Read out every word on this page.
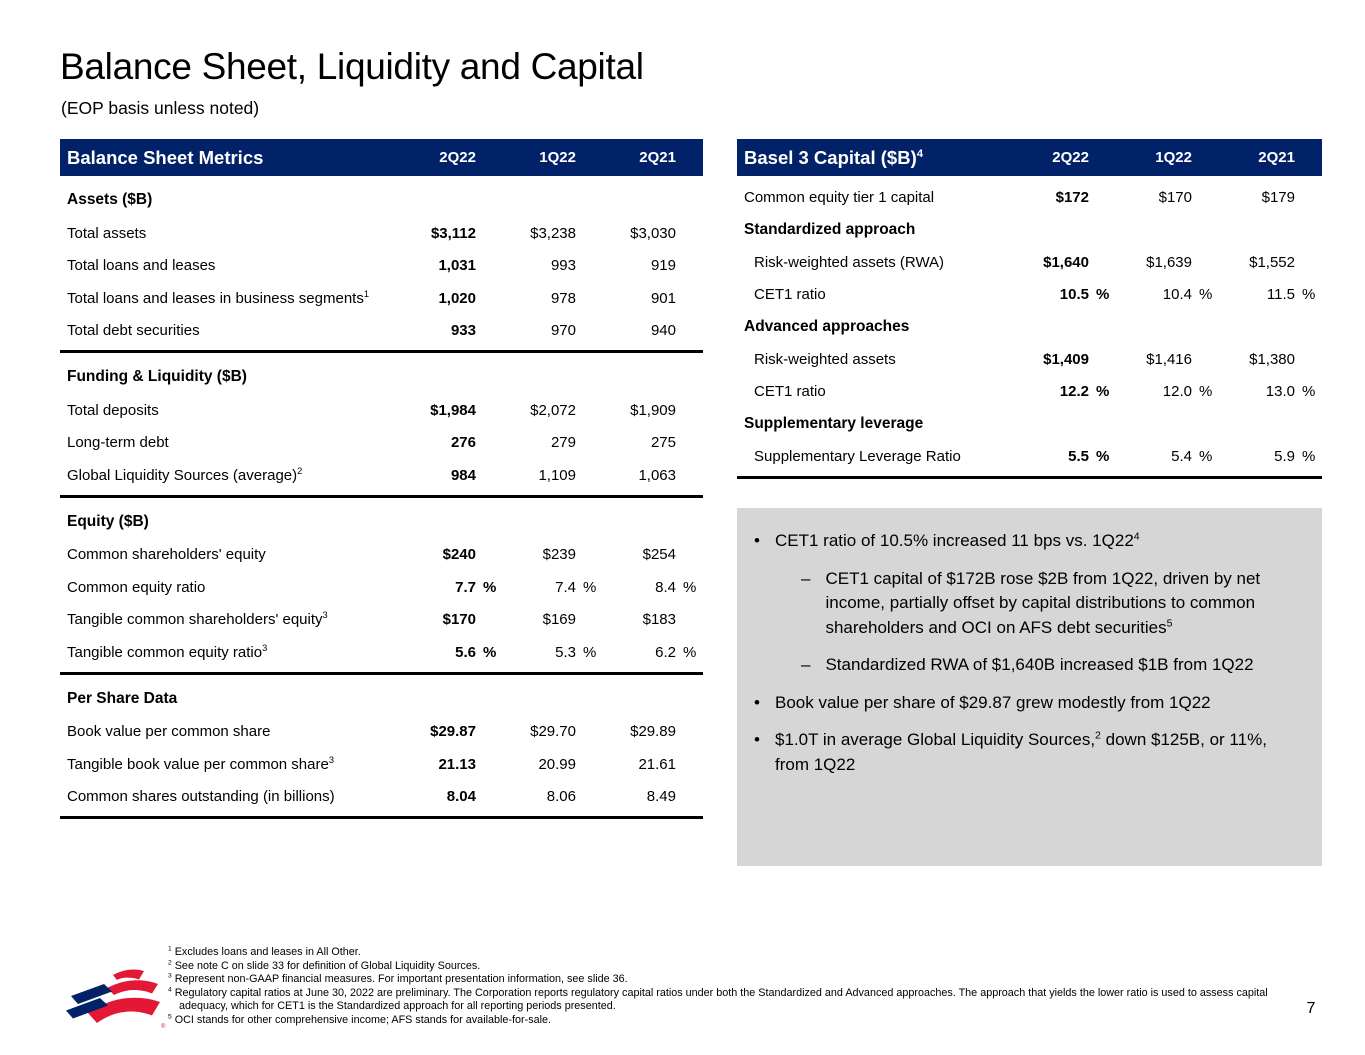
Balance Sheet, Liquidity and Capital
(EOP basis unless noted)
Balance Sheet Metrics	2Q22	1Q22	2Q21
Assets ($B)
Total assets	$3,112	$3,238	$3,030
Total loans and leases	1,031	993	919
Total loans and leases in business segments$^1$	1,020	978	901
Total debt securities	933	970	940
Funding & Liquidity ($B)
Total deposits	$1,984	$2,072	$1,909
Long-term debt	276	279	275
Global Liquidity Sources (average)$^2$	984	1,109	1,063
Equity ($B)
Common shareholders' equity	$240	$239	$254
Common equity ratio	7.7 %	7.4 %	8.4 %
Tangible common shareholders' equity$^3$	$170	$169	$183
Tangible common equity ratio$^3$	5.6 %	5.3 %	6.2 %
Per Share Data
Book value per common share	$29.87	$29.70	$29.89
Tangible book value per common share$^3$	21.13	20.99	21.61
Common shares outstanding (in billions)	8.04	8.06	8.49
Basel 3 Capital ($B)$^4$	2Q22	1Q22	2Q21
Common equity tier 1 capital	$172	$170	$179
Standardized approach
Risk-weighted assets (RWA)	$1,640	$1,639	$1,552
CET1 ratio	10.5 %	10.4 %	11.5 %
Advanced approaches
Risk-weighted assets	$1,409	$1,416	$1,380
CET1 ratio	12.2 %	12.0 %	13.0 %
Supplementary leverage
Supplementary Leverage Ratio	5.5 %	5.4 %	5.9 %
• CET1 ratio of 10.5% increased 11 bps vs. $1Q22^4$
– CET1 capital of $172B rose $2B from 1Q22, driven by net income, partially offset by capital distributions to common shareholders and OCI on AFS debt securities$^5$
– Standardized RWA of $1,640B increased $1B from 1Q22
• Book value per share of $29.87 grew modestly from 1Q22
• $1.0T in average Global Liquidity Sources,$^2$ down $125B, or 11%, from 1Q22
®
$^1$ Excludes loans and leases in All Other.
$^2$ See note C on slide 33 for definition of Global Liquidity Sources.
$^3$ Represent non-GAAP financial measures. For important presentation information, see slide 36.
$^4$ Regulatory capital ratios at June 30, 2022 are preliminary. The Corporation reports regulatory capital ratios under both the Standardized and Advanced approaches. The approach that yields the lower ratio is used to assess capital adequacy, which for CET1 is the Standardized approach for all reporting periods presented.
$^5$ OCI stands for other comprehensive income; AFS stands for available-for-sale.
7
